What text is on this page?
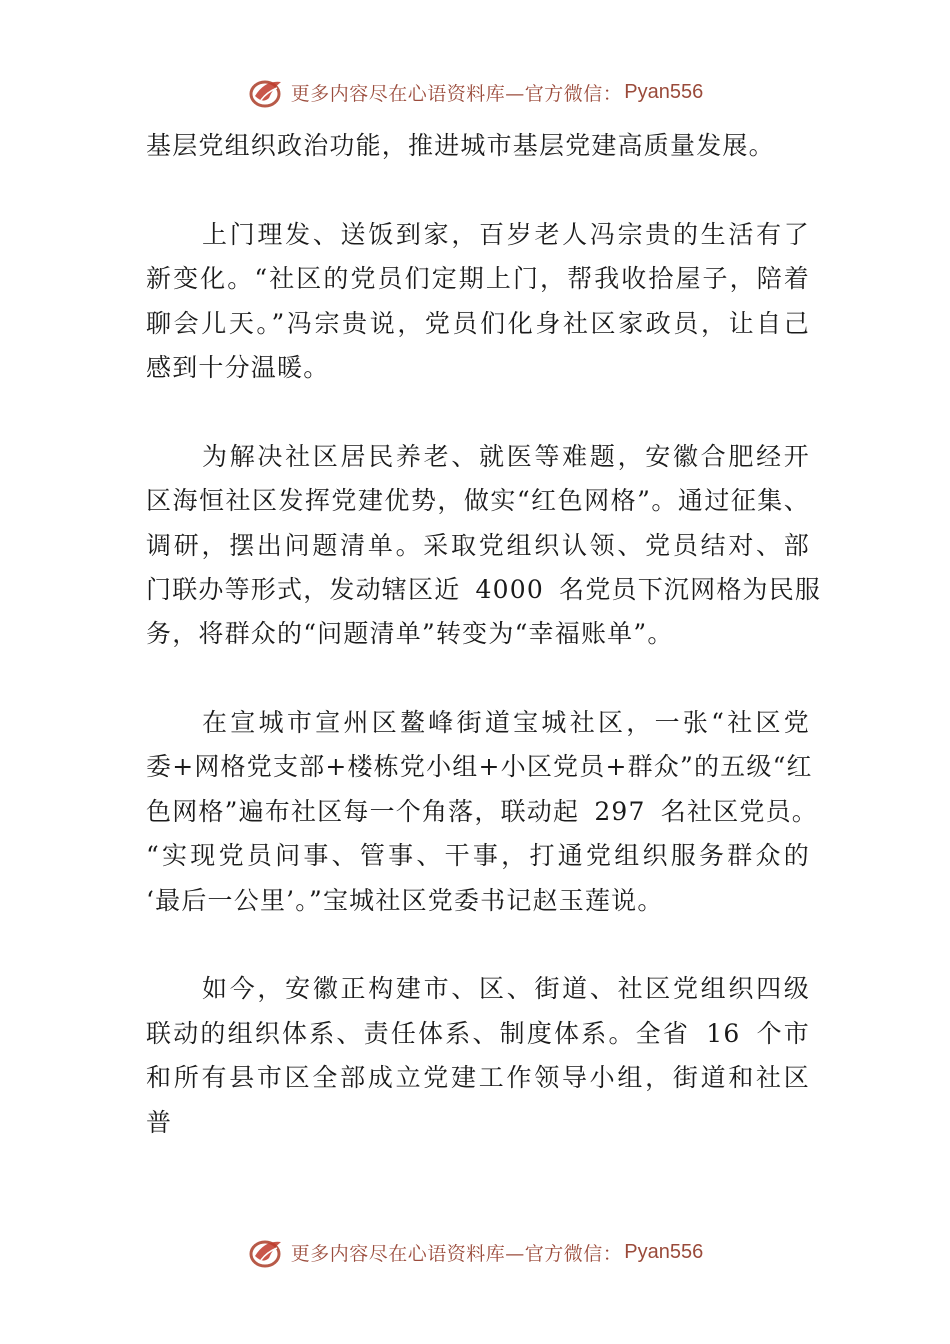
更多内容尽在心语资料库—官方微信： Pyan556
基层党组织政治功能，推进城市基层党建高质量发展。
上门理发、送饭到家，百岁老人冯宗贵的生活有了
新变化。“社区的党员们定期上门，帮我收拾屋子，陪着
聊会儿天。”冯宗贵说，党员们化身社区家政员，让自己
感到十分温暖。
为解决社区居民养老、就医等难题，安徽合肥经开
区海恒社区发挥党建优势，做实“红色网格”。通过征集、
调研，摆出问题清单。采取党组织认领、党员结对、部
门联办等形式，发动辖区近 4000 名党员下沉网格为民服
务，将群众的“问题清单”转变为“幸福账单”。
在宣城市宣州区鳌峰街道宝城社区，一张“社区党
委+网格党支部+楼栋党小组+小区党员+群众”的五级“红
色网格”遍布社区每一个角落，联动起 297 名社区党员。
“实现党员问事、管事、干事，打通党组织服务群众的
‘最后一公里’。”宝城社区党委书记赵玉莲说。
如今，安徽正构建市、区、街道、社区党组织四级
联动的组织体系、责任体系、制度体系。全省 16 个市
和所有县市区全部成立党建工作领导小组，街道和社区
普
更多内容尽在心语资料库—官方微信： Pyan556
